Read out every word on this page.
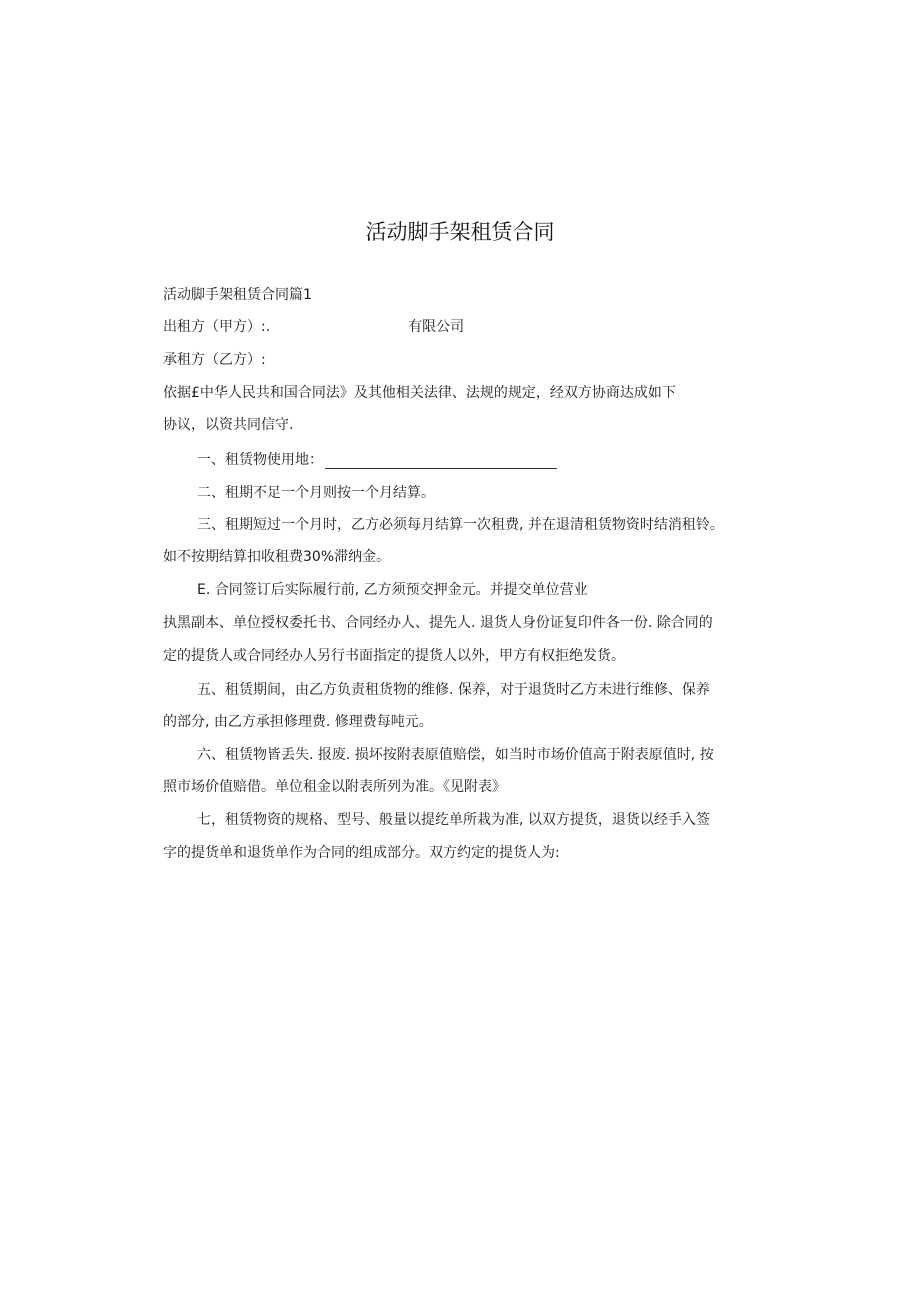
活动脚手架租赁合同
活动脚手架租赁合同篇1
出租方（甲方）:.	有限公司
承租方（乙方）:
依据£中华人民共和国合同法》及其他相关法律、法规的规定，经双方协商达成如下
协议，以资共同信守.
一、租赁物使用地：
二、租期不足一个月则按一个月结算。
三、租期短过一个月时，乙方必须每月结算一次租费, 并在退清租赁物资时结消租铃。
如不按期结算扣收租费30%滞纳金。
E. 合同签订后实际履行前, 乙方须预交押金元。并提交单位营业
执黑副本、单位授权委托书、合同经办人、提先人. 退货人身份证复印件各一份. 除合同的
定的提货人或合同经办人另行书面指定的提货人以外，甲方有权拒绝发货。
五、租赁期间，由乙方负责租货物的维修. 保养，对于退货时乙方未进行维修、保养
的部分, 由乙方承担修理费. 修理费每吨元。
六、租赁物皆丢失. 报废. 损坏按附表原值赔偿，如当时市场价值高于附表原值时, 按
照市场价值赔借。单位租金以附表所列为准。《见附表》
七，租赁物资的规格、型号、般量以提纥单所栽为准, 以双方提货，退货以经手入签
字的提货单和退货单作为合同的组成部分。双方约定的提货人为:
